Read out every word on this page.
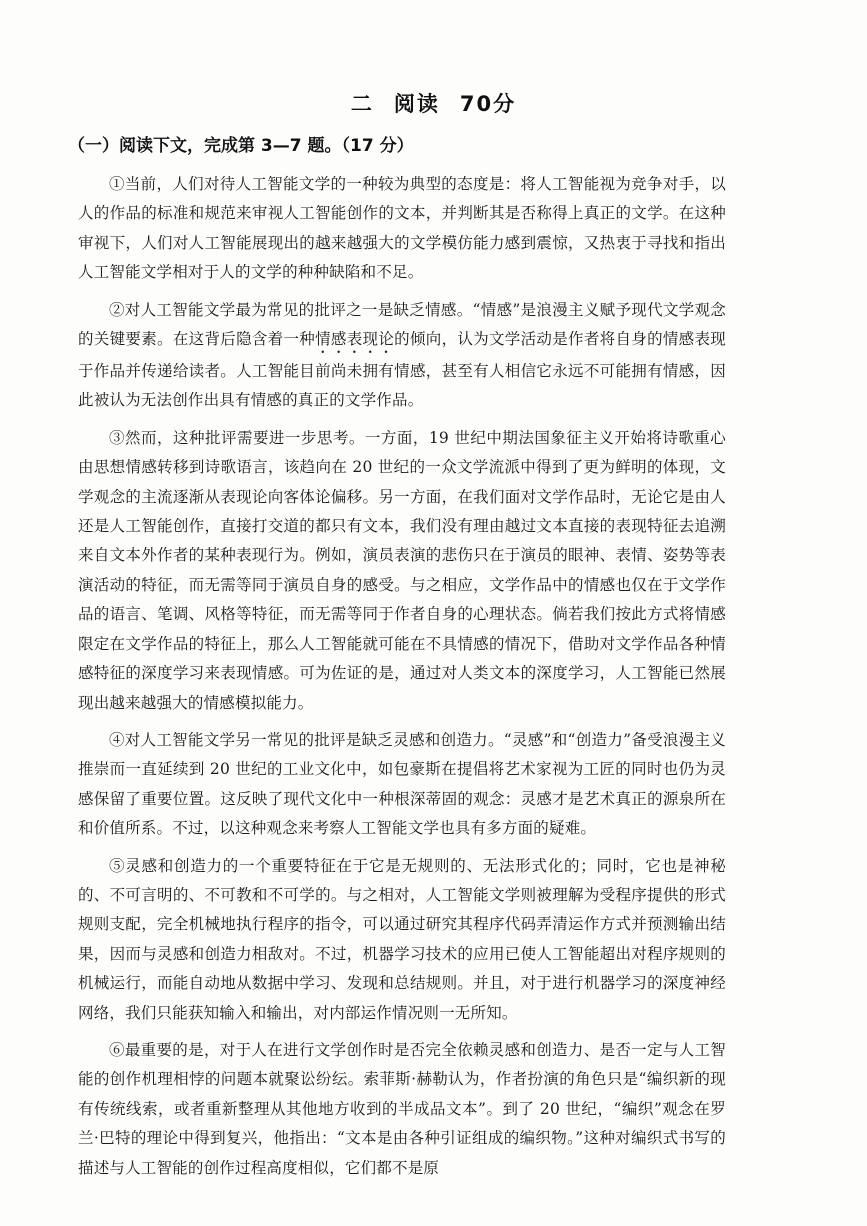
二 阅读 70分
（一）阅读下文，完成第 3—7 题。（17 分）

①当前，人们对待人工智能文学的一种较为典型的态度是：将人工智能视为竞争对手，以人的作品的标准和规范来审视人工智能创作的文本，并判断其是否称得上真正的文学。在这种审视下，人们对人工智能展现出的越来越强大的文学模仿能力感到震惊，又热衷于寻找和指出人工智能文学相对于人的文学的种种缺陷和不足。

②对人工智能文学最为常见的批评之一是缺乏情感。“情感”是浪漫主义赋予现代文学观念的关键要素。在这背后隐含着一种情感表现论的倾向，认为文学活动是作者将自身的情感表现于作品并传递给读者。人工智能目前尚未拥有情感，甚至有人相信它永远不可能拥有情感，因此被认为无法创作出具有情感的真正的文学作品。

③然而，这种批评需要进一步思考。一方面，19 世纪中期法国象征主义开始将诗歌重心由思想情感转移到诗歌语言，该趋向在 20 世纪的一众文学流派中得到了更为鲜明的体现，文学观念的主流逐渐从表现论向客体论偏移。另一方面，在我们面对文学作品时，无论它是由人还是人工智能创作，直接打交道的都只有文本，我们没有理由越过文本直接的表现特征去追溯来自文本外作者的某种表现行为。例如，演员表演的悲伤只在于演员的眼神、表情、姿势等表演活动的特征，而无需等同于演员自身的感受。与之相应，文学作品中的情感也仅在于文学作品的语言、笔调、风格等特征，而无需等同于作者自身的心理状态。倘若我们按此方式将情感限定在文学作品的特征上，那么人工智能就可能在不具情感的情况下，借助对文学作品各种情感特征的深度学习来表现情感。可为佐证的是，通过对人类文本的深度学习，人工智能已然展现出越来越强大的情感模拟能力。

④对人工智能文学另一常见的批评是缺乏灵感和创造力。“灵感”和“创造力”备受浪漫主义推崇而一直延续到 20 世纪的工业文化中，如包豪斯在提倡将艺术家视为工匠的同时也仍为灵感保留了重要位置。这反映了现代文化中一种根深蒂固的观念：灵感才是艺术真正的源泉所在和价值所系。不过，以这种观念来考察人工智能文学也具有多方面的疑难。

⑤灵感和创造力的一个重要特征在于它是无规则的、无法形式化的；同时，它也是神秘的、不可言明的、不可教和不可学的。与之相对，人工智能文学则被理解为受程序提供的形式规则支配，完全机械地执行程序的指令，可以通过研究其程序代码弄清运作方式并预测输出结果，因而与灵感和创造力相敌对。不过，机器学习技术的应用已使人工智能超出对程序规则的机械运行，而能自动地从数据中学习、发现和总结规则。并且，对于进行机器学习的深度神经网络，我们只能获知输入和输出，对内部运作情况则一无所知。

⑥最重要的是，对于人在进行文学创作时是否完全依赖灵感和创造力、是否一定与人工智能的创作机理相悖的问题本就聚讼纷纭。索菲斯·赫勒认为，作者扮演的角色只是“编织新的现有传统线索，或者重新整理从其他地方收到的半成品文本”。到了 20 世纪，“编织”观念在罗兰·巴特的理论中得到复兴，他指出：“文本是由各种引证组成的编织物。”这种对编织式书写的描述与人工智能的创作过程高度相似，它们都不是原
